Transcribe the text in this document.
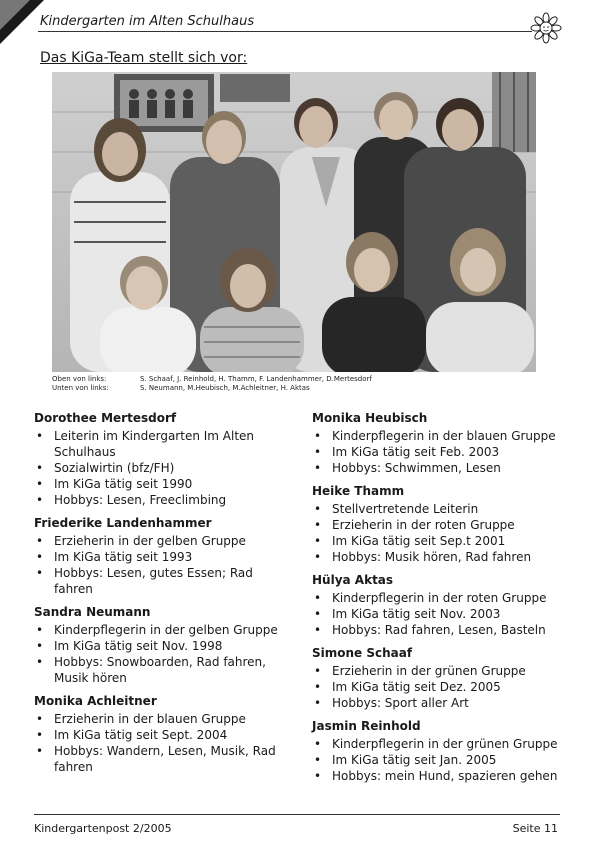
Kindergarten im Alten Schulhaus
Das KiGa-Team stellt sich vor:
Oben von links:	S. Schaaf, J. Reinhold, H. Thamm, F. Landenhammer, D.Mertesdorf
Unten von links:	S. Neumann, M.Heubisch, M.Achleitner, H. Aktas
Dorothee Mertesdorf
• Leiterin im Kindergarten Im Alten Schulhaus
• Sozialwirtin (bfz/FH)
• Im KiGa tätig seit 1990
• Hobbys: Lesen, Freeclimbing
Friederike Landenhammer
• Erzieherin in der gelben Gruppe
• Im KiGa tätig seit 1993
• Hobbys: Lesen, gutes Essen; Rad fahren
Sandra Neumann
• Kinderpflegerin in der gelben Gruppe
• Im KiGa tätig seit Nov. 1998
• Hobbys: Snowboarden, Rad fahren, Musik hören
Monika Achleitner
• Erzieherin in der blauen Gruppe
• Im KiGa tätig seit Sept. 2004
• Hobbys: Wandern, Lesen, Musik, Rad fahren
Monika Heubisch
• Kinderpflegerin in der blauen Gruppe
• Im KiGa tätig seit Feb. 2003
• Hobbys: Schwimmen, Lesen
Heike Thamm
• Stellvertretende Leiterin
• Erzieherin in der roten Gruppe
• Im KiGa tätig seit Sep.t 2001
• Hobbys: Musik hören, Rad fahren
Hülya Aktas
• Kinderpflegerin in der roten Gruppe
• Im KiGa tätig seit Nov. 2003
• Hobbys: Rad fahren, Lesen, Basteln
Simone Schaaf
• Erzieherin in der grünen Gruppe
• Im KiGa tätig seit Dez. 2005
• Hobbys: Sport aller Art
Jasmin Reinhold
• Kinderpflegerin in der grünen Gruppe
• Im KiGa tätig seit Jan. 2005
• Hobbys: mein Hund, spazieren gehen
Kindergartenpost 2/2005	Seite 11
